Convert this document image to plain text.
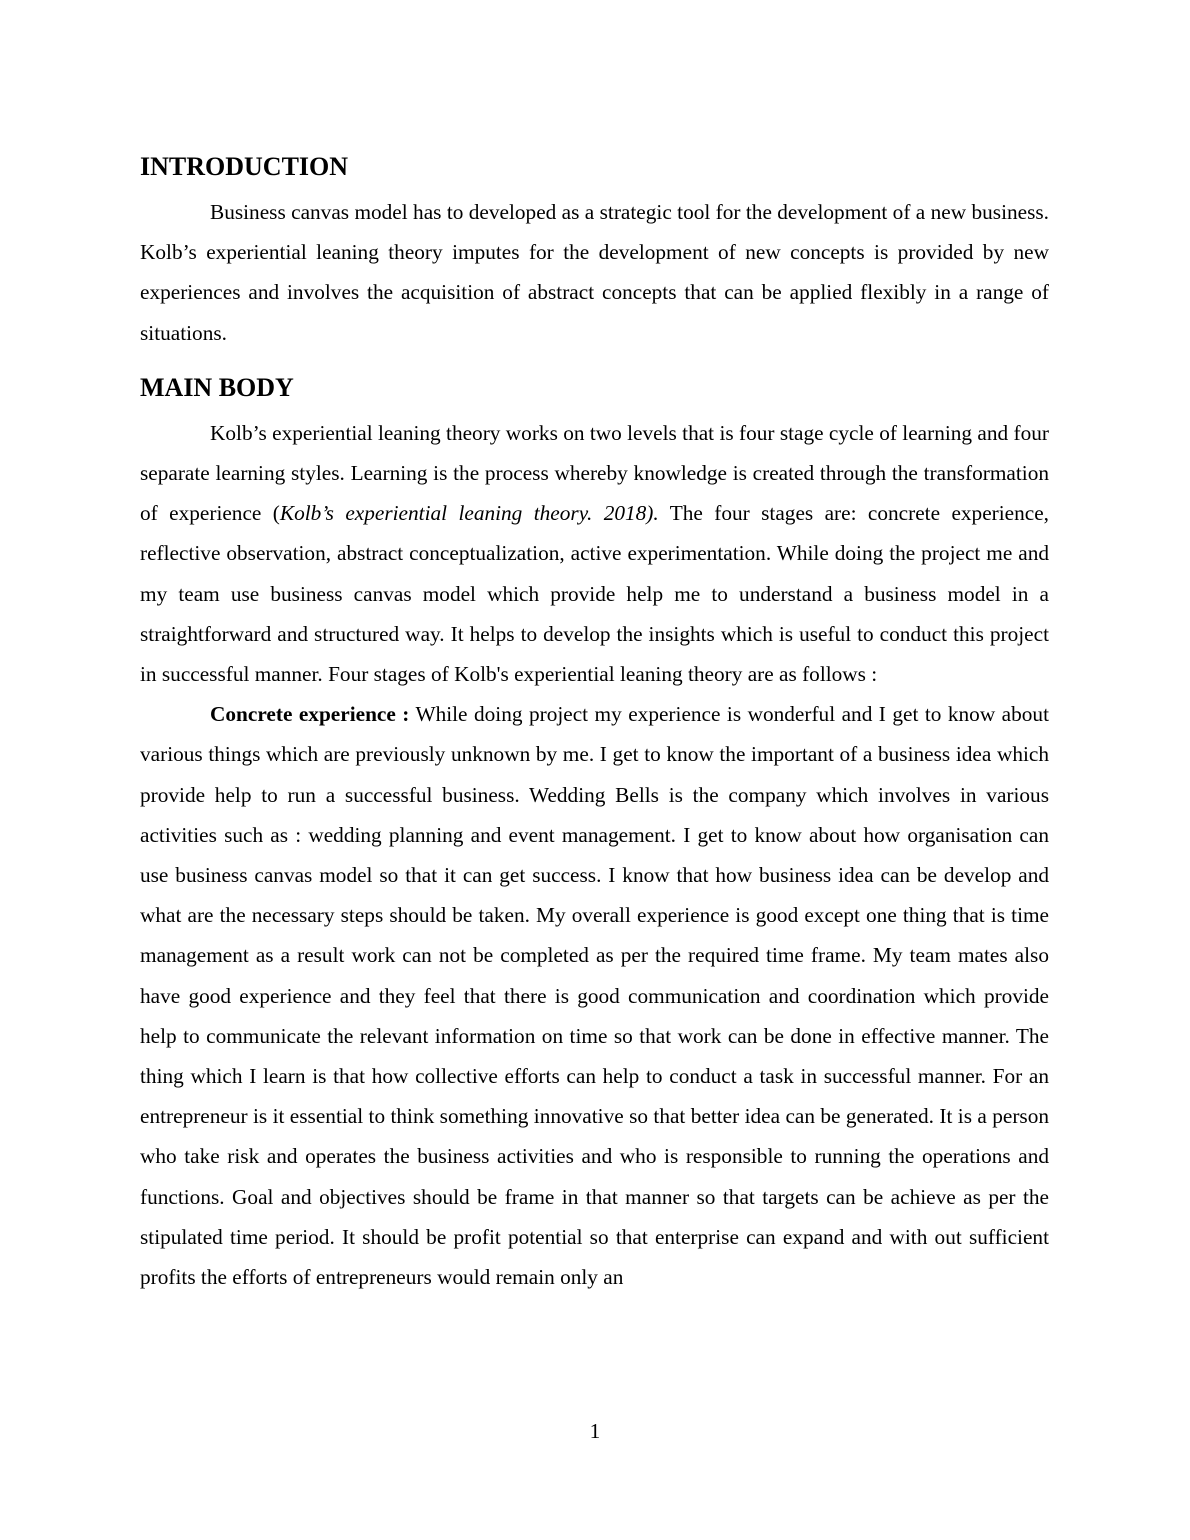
INTRODUCTION

Business canvas model has to developed as a strategic tool for the development of a new business. Kolb’s experiential leaning theory imputes for the development of new concepts is provided by new experiences and involves the acquisition of abstract concepts that can be applied flexibly in a range of situations.

MAIN BODY

Kolb’s experiential leaning theory works on two levels that is four stage cycle of learning and four separate learning styles. Learning is the process whereby knowledge is created through the transformation of experience (Kolb’s experiential leaning theory. 2018). The four stages are: concrete experience, reflective observation, abstract conceptualization, active experimentation. While doing the project me and my team use business canvas model which provide help me to understand a business model in a straightforward and structured way. It helps to develop the insights which is useful to conduct this project in successful manner. Four stages of Kolb's experiential leaning theory are as follows :

Concrete experience : While doing project my experience is wonderful and I get to know about various things which are previously unknown by me. I get to know the important of a business idea which provide help to run a successful business. Wedding Bells is the company which involves in various activities such as : wedding planning and event management. I get to know about how organisation can use business canvas model so that it can get success. I know that how business idea can be develop and what are the necessary steps should be taken. My overall experience is good except one thing that is time management as a result work can not be completed as per the required time frame. My team mates also have good experience and they feel that there is good communication and coordination which provide help to communicate the relevant information on time so that work can be done in effective manner. The thing which I learn is that how collective efforts can help to conduct a task in successful manner. For an entrepreneur is it essential to think something innovative so that better idea can be generated. It is a person who take risk and operates the business activities and who is responsible to running the operations and functions. Goal and objectives should be frame in that manner so that targets can be achieve as per the stipulated time period. It should be profit potential so that enterprise can expand and with out sufficient profits the efforts of entrepreneurs would remain only an

1
